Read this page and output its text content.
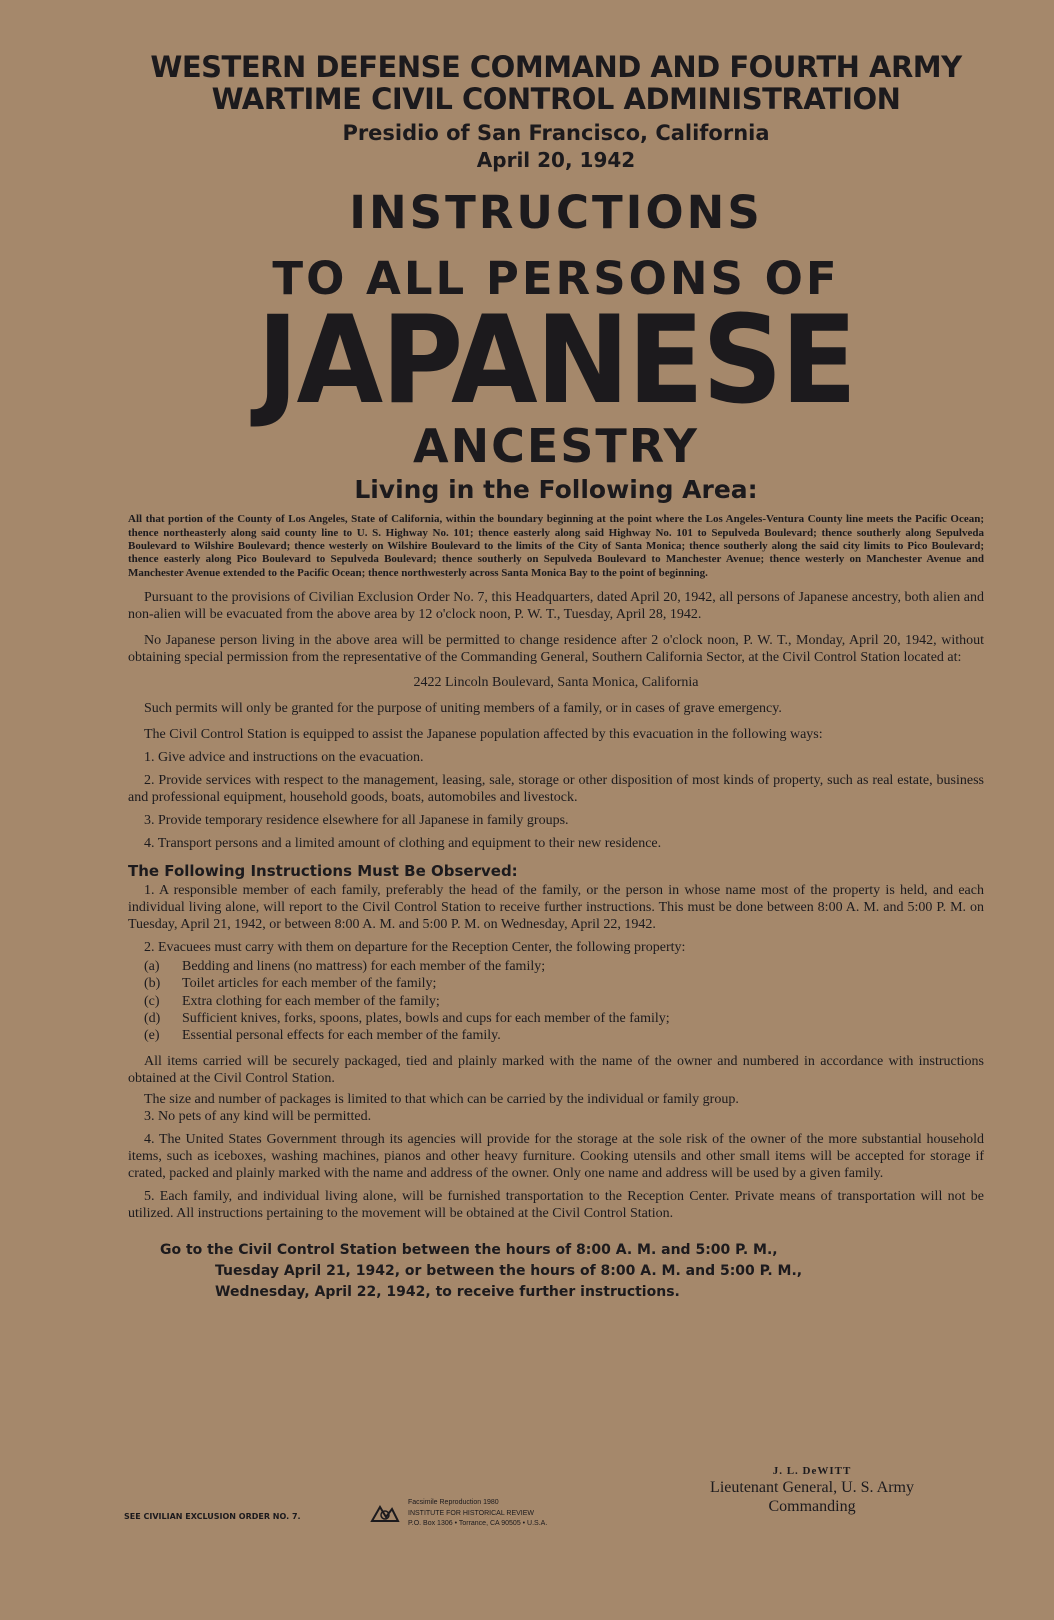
WESTERN DEFENSE COMMAND AND FOURTH ARMY
WARTIME CIVIL CONTROL ADMINISTRATION
Presidio of San Francisco, California
April 20, 1942
INSTRUCTIONS
TO ALL PERSONS OF
JAPANESE
ANCESTRY
Living in the Following Area:

All that portion of the County of Los Angeles, State of California, within the boundary beginning at the point where the Los Angeles-Ventura County line meets the Pacific Ocean; thence northeasterly along said county line to U. S. Highway No. 101; thence easterly along said Highway No. 101 to Sepulveda Boulevard; thence southerly along Sepulveda Boulevard to Wilshire Boulevard; thence westerly on Wilshire Boulevard to the limits of the City of Santa Monica; thence southerly along the said city limits to Pico Boulevard; thence easterly along Pico Boulevard to Sepulveda Boulevard; thence southerly on Sepulveda Boulevard to Manchester Avenue; thence westerly on Manchester Avenue and Manchester Avenue extended to the Pacific Ocean; thence northwesterly across Santa Monica Bay to the point of beginning.

Pursuant to the provisions of Civilian Exclusion Order No. 7, this Headquarters, dated April 20, 1942, all persons of Japanese ancestry, both alien and non-alien will be evacuated from the above area by 12 o'clock noon, P. W. T., Tuesday, April 28, 1942.

No Japanese person living in the above area will be permitted to change residence after 2 o'clock noon, P. W. T., Monday, April 20, 1942, without obtaining special permission from the representative of the Commanding General, Southern California Sector, at the Civil Control Station located at:

2422 Lincoln Boulevard, Santa Monica, California

Such permits will only be granted for the purpose of uniting members of a family, or in cases of grave emergency.

The Civil Control Station is equipped to assist the Japanese population affected by this evacuation in the following ways:

1. Give advice and instructions on the evacuation.

2. Provide services with respect to the management, leasing, sale, storage or other disposition of most kinds of property, such as real estate, business and professional equipment, household goods, boats, automobiles and livestock.

3. Provide temporary residence elsewhere for all Japanese in family groups.

4. Transport persons and a limited amount of clothing and equipment to their new residence.

The Following Instructions Must Be Observed:

1. A responsible member of each family, preferably the head of the family, or the person in whose name most of the property is held, and each individual living alone, will report to the Civil Control Station to receive further instructions. This must be done between 8:00 A. M. and 5:00 P. M. on Tuesday, April 21, 1942, or between 8:00 A. M. and 5:00 P. M. on Wednesday, April 22, 1942.

2. Evacuees must carry with them on departure for the Reception Center, the following property:

(a) Bedding and linens (no mattress) for each member of the family;
(b) Toilet articles for each member of the family;
(c) Extra clothing for each member of the family;
(d) Sufficient knives, forks, spoons, plates, bowls and cups for each member of the family;
(e) Essential personal effects for each member of the family.

All items carried will be securely packaged, tied and plainly marked with the name of the owner and numbered in accordance with instructions obtained at the Civil Control Station.

The size and number of packages is limited to that which can be carried by the individual or family group.

3. No pets of any kind will be permitted.

4. The United States Government through its agencies will provide for the storage at the sole risk of the owner of the more substantial household items, such as iceboxes, washing machines, pianos and other heavy furniture. Cooking utensils and other small items will be accepted for storage if crated, packed and plainly marked with the name and address of the owner. Only one name and address will be used by a given family.

5. Each family, and individual living alone, will be furnished transportation to the Reception Center. Private means of transportation will not be utilized. All instructions pertaining to the movement will be obtained at the Civil Control Station.

Go to the Civil Control Station between the hours of 8:00 A. M. and 5:00 P. M.,
Tuesday April 21, 1942, or between the hours of 8:00 A. M. and 5:00 P. M.,
Wednesday, April 22, 1942, to receive further instructions.
J. L. DeWITT
Lieutenant General, U. S. Army
Commanding
SEE CIVILIAN EXCLUSION ORDER NO. 7.
Facsimile Reproduction 1980
INSTITUTE FOR HISTORICAL REVIEW
P.O. Box 1306 • Torrance, CA 90505 • U.S.A.
